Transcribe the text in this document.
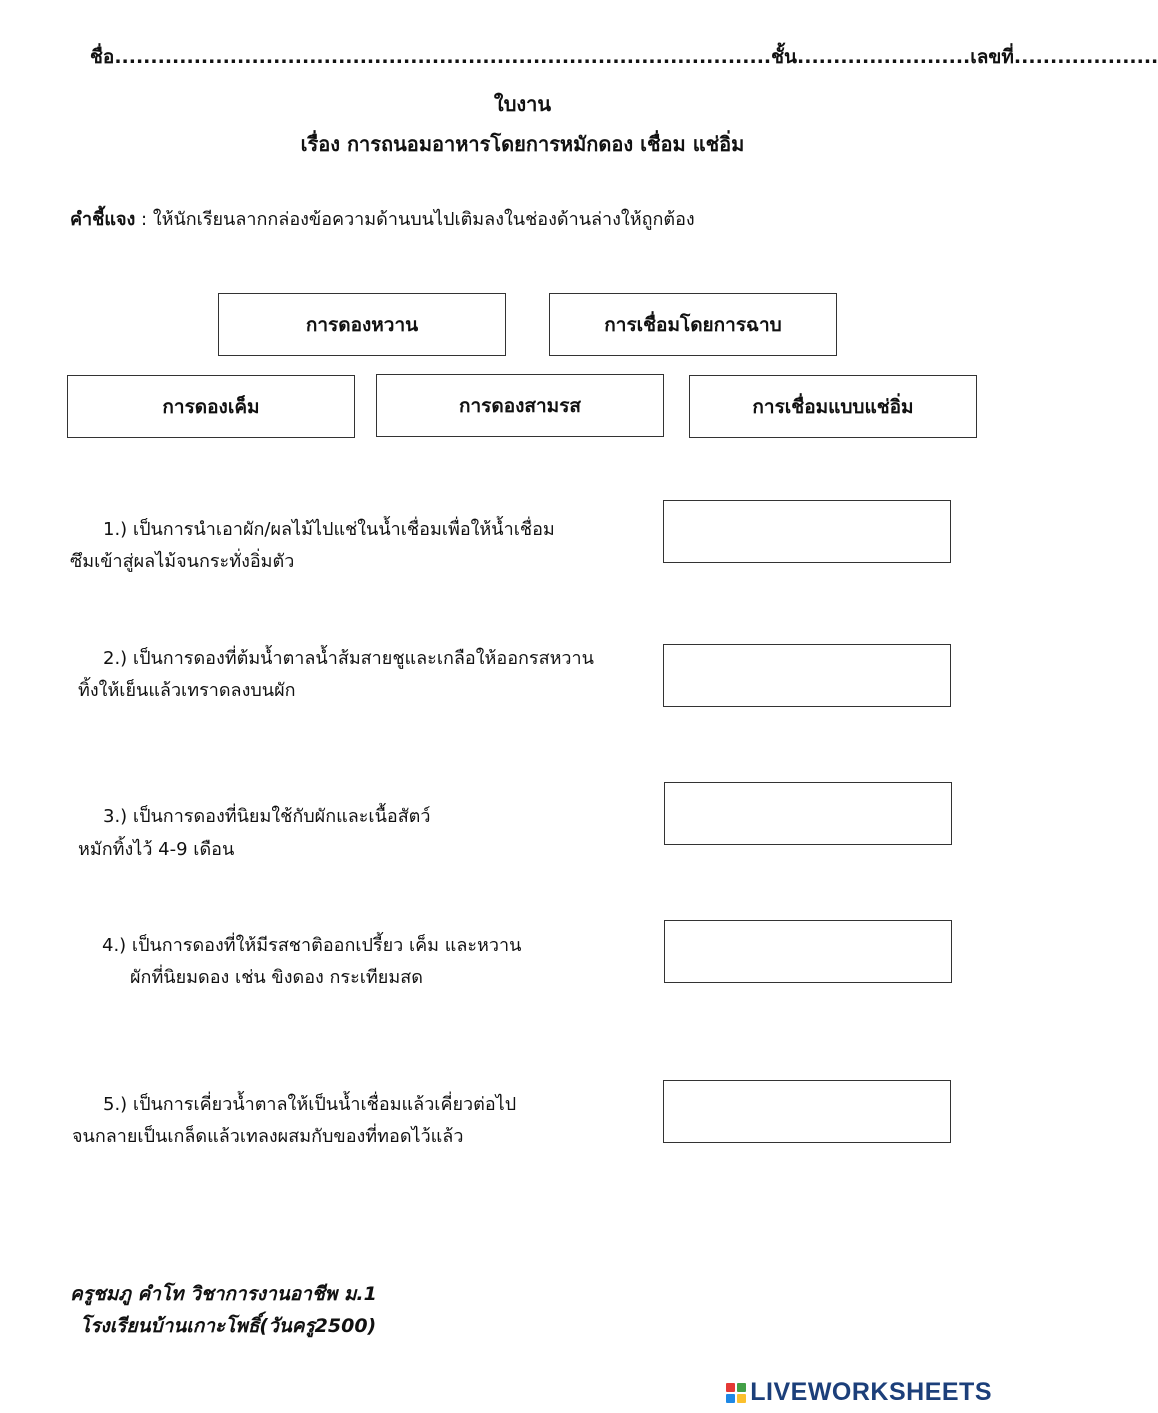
ชื่อ...........................................................................................ชั้น........................เลขที่....................
ใบงาน
เรื่อง การถนอมอาหารโดยการหมักดอง เชื่อม แช่อิ่ม
คำชี้แจง : ให้นักเรียนลากกล่องข้อความด้านบนไปเติมลงในช่องด้านล่างให้ถูกต้อง
การดองหวาน	การเชื่อมโดยการฉาบ
การดองเค็ม	การดองสามรส	การเชื่อมแบบแช่อิ่ม
1.) เป็นการนำเอาผัก/ผลไม้ไปแช่ในน้ำเชื่อมเพื่อให้น้ำเชื่อม
ซึมเข้าสู่ผลไม้จนกระทั่งอิ่มตัว
2.) เป็นการดองที่ต้มน้ำตาลน้ำส้มสายชูและเกลือให้ออกรสหวาน
ทิ้งให้เย็นแล้วเทราดลงบนผัก
3.) เป็นการดองที่นิยมใช้กับผักและเนื้อสัตว์
หมักทิ้งไว้ 4-9 เดือน
4.) เป็นการดองที่ให้มีรสชาติออกเปรี้ยว เค็ม และหวาน
ผักที่นิยมดอง เช่น ขิงดอง กระเทียมสด
5.) เป็นการเคี่ยวน้ำตาลให้เป็นน้ำเชื่อมแล้วเคี่ยวต่อไป
จนกลายเป็นเกล็ดแล้วเทลงผสมกับของที่ทอดไว้แล้ว
ครูชมภู คำโท วิชาการงานอาชีพ ม.1
โรงเรียนบ้านเกาะโพธิ์(วันครู2500)
LIVEWORKSHEETS
